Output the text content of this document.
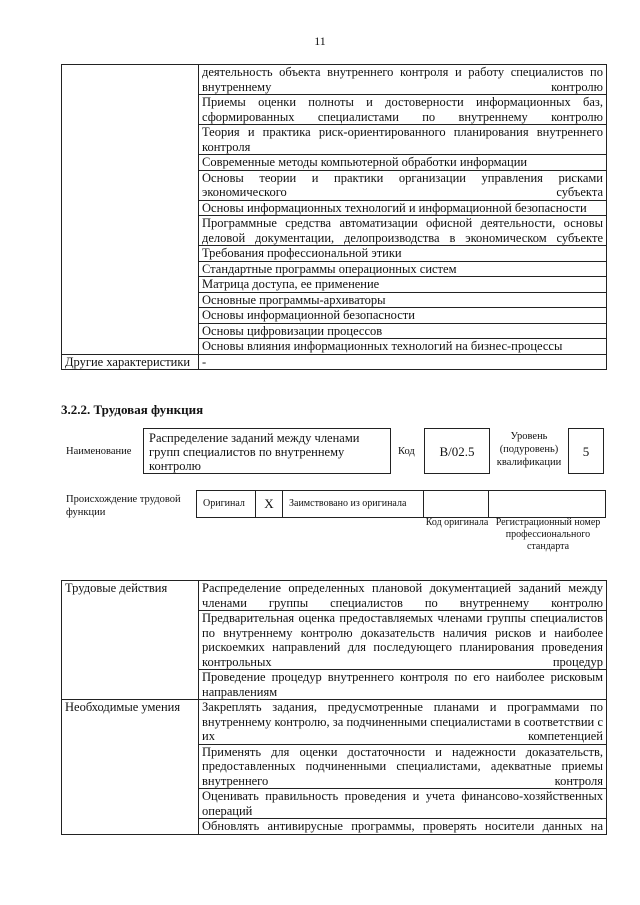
11
	деятельность объекта внутреннего контроля и работу специалистов по внутреннему контролю
	Приемы оценки полноты и достоверности информационных баз, сформированных специалистами по внутреннему контролю
	Теория и практика риск-ориентированного планирования внутреннего контроля
	Современные методы компьютерной обработки информации
	Основы теории и практики организации управления рисками экономического субъекта
	Основы информационных технологий и информационной безопасности
	Программные средства автоматизации офисной деятельности, основы деловой документации, делопроизводства в экономическом субъекте
	Требования профессиональной этики
	Стандартные программы операционных систем
	Матрица доступа, ее применение
	Основные программы-архиваторы
	Основы информационной безопасности
	Основы цифровизации процессов
	Основы влияния информационных технологий на бизнес-процессы
Другие характеристики	-
3.2.2. Трудовая функция
Наименование
Распределение заданий между членами групп специалистов по внутреннему контролю
Код	B/02.5
Уровень (подуровень) квалификации
5
Происхождение трудовой функции
Оригинал	X	Заимствовано из оригинала
Код оригинала Регистрационный номер профессионального стандарта
Трудовые действия	Распределение определенных плановой документацией заданий между членами группы специалистов по внутреннему контролю
	Предварительная оценка предоставляемых членами группы специалистов по внутреннему контролю доказательств наличия рисков и наиболее рискоемких направлений для последующего планирования проведения контрольных процедур
	Проведение процедур внутреннего контроля по его наиболее рисковым направлениям
Необходимые умения	Закреплять задания, предусмотренные планами и программами по внутреннему контролю, за подчиненными специалистами в соответствии с их компетенцией
	Применять для оценки достаточности и надежности доказательств, предоставленных подчиненными специалистами, адекватные приемы внутреннего контроля
	Оценивать правильность проведения и учета финансово-хозяйственных операций
	Обновлять антивирусные программы, проверять носители данных на
